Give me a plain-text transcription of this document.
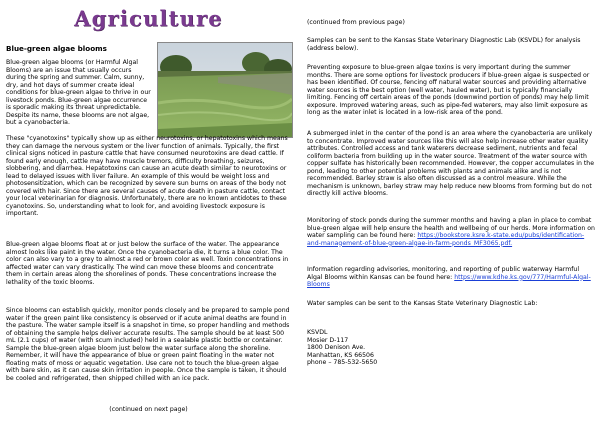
Agriculture
Blue-green algae blooms

Blue-green algae blooms (or Harmful Algal Blooms) are an issue that usually occurs during the spring and summer. Calm, sunny, dry, and hot days of summer create ideal conditions for blue-green algae to thrive in our livestock ponds. Blue-green algae occurrence is sporadic making its threat unpredictable. Despite its name, these blooms are not algae, but a cyanobacteria.

These "cyanotoxins" typically show up as either neurotoxins, or hepatotoxins which means they can damage the nervous system or the liver function of animals. Typically, the first clinical signs noticed in pasture cattle that have consumed neurotoxins are dead cattle. If found early enough, cattle may have muscle tremors, difficulty breathing, seizures, slobbering, and diarrhea. Hepatotoxins can cause an acute death similar to neurotoxins or lead to delayed issues with liver failure. An example of this would be weight loss and photosensitization, which can be recognized by severe sun burns on areas of the body not covered with hair. Since there are several causes of acute death in pasture cattle, contact your local veterinarian for diagnosis. Unfortunately, there are no known antidotes to these cyanotoxins. So, understanding what to look for, and avoiding livestock exposure is important.

Blue-green algae blooms float at or just below the surface of the water. The appearance almost looks like paint in the water. Once the cyanobacteria die, it turns a blue color. The color can also vary to a grey to almost a red or brown color as well. Toxin concentrations in affected water can vary drastically. The wind can move these blooms and concentrate them in certain areas along the shorelines of ponds. These concentrations increase the lethality of the toxic blooms.

Since blooms can establish quickly, monitor ponds closely and be prepared to sample pond water if the green paint like consistency is observed or if acute animal deaths are found in the pasture. The water sample itself is a snapshot in time, so proper handling and methods of obtaining the sample helps deliver accurate results. The sample should be at least 500 mL (2.1 cups) of water (with scum included) held in a sealable plastic bottle or container. Sample the blue-green algae bloom just below the water surface along the shoreline. Remember, it will have the appearance of blue or green paint floating in the water not floating mats of moss or aquatic vegetation. Use care not to touch the blue-green algae with bare skin, as it can cause skin irritation in people. Once the sample is taken, it should be cooled and refrigerated, then shipped chilled with an ice pack.

(continued on next page)
(continued from previous page)

Samples can be sent to the Kansas State Veterinary Diagnostic Lab (KSVDL) for analysis (address below).

Preventing exposure to blue-green algae toxins is very important during the summer months. There are some options for livestock producers if blue-green algae is suspected or has been identified. Of course, fencing off natural water sources and providing alternative water sources is the best option (well water, hauled water), but is typically financially limiting. Fencing off certain areas of the ponds (downwind portion of ponds) may help limit exposure. Improved watering areas, such as pipe-fed waterers, may also limit exposure as long as the water inlet is located in a low-risk area of the pond.

A submerged inlet in the center of the pond is an area where the cyanobacteria are unlikely to concentrate. Improved water sources like this will also help increase other water quality attributes. Controlled access and tank waterers decrease sediment, nutrients and fecal coliform bacteria from building up in the water source. Treatment of the water source with copper sulfate has historically been recommended. However, the copper accumulates in the pond, leading to other potential problems with plants and animals alike and is not recommended. Barley straw is also often discussed as a control measure. While the mechanism is unknown, barley straw may help reduce new blooms from forming but do not directly kill active blooms.

Monitoring of stock ponds during the summer months and having a plan in place to combat blue-green algae will help ensure the health and wellbeing of our herds. More information on water sampling can be found here: https://bookstore.ksre.k-state.edu/pubs/identification-and-management-of-blue-green-algae-in-farm-ponds_MF3065.pdf.

Information regarding advisories, monitoring, and reporting of public waterway Harmful Algal Blooms within Kansas can be found here: https://www.kdhe.ks.gov/777/Harmful-Algal-Blooms

Water samples can be sent to the Kansas State Veterinary Diagnostic Lab:

KSVDL
Mosier D-117
1800 Denison Ave.
Manhattan, KS 66506
phone – 785-532-5650
